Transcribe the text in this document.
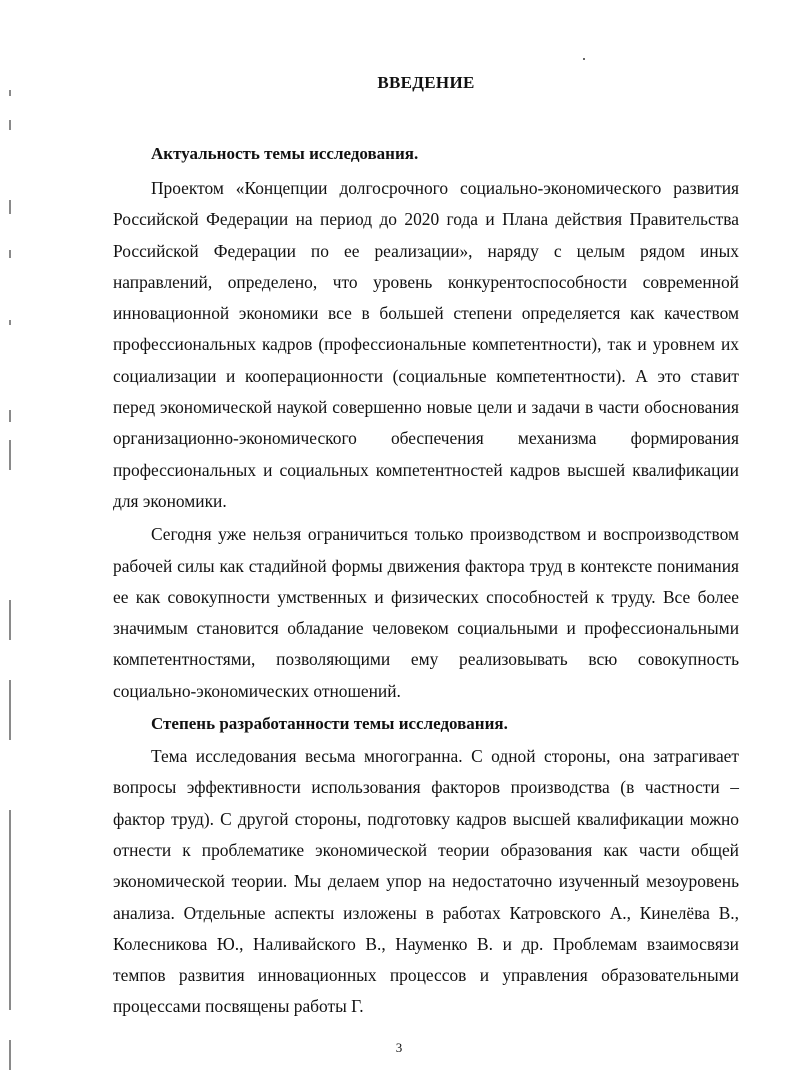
ВВЕДЕНИЕ
Актуальность темы исследования.

Проектом «Концепции долгосрочного социально-экономического развития Российской Федерации на период до 2020 года и Плана действия Правительства Российской Федерации по ее реализации», наряду с целым рядом иных направлений, определено, что уровень конкурентоспособности современной инновационной экономики все в большей степени определяется как качеством профессиональных кадров (профессиональные компетентности), так и уровнем их социализации и кооперационности (социальные компетентности). А это ставит перед экономической наукой совершенно новые цели и задачи в части обоснования организационно-экономического обеспечения механизма формирования профессиональных и социальных компетентностей кадров высшей квалификации для экономики.

Сегодня уже нельзя ограничиться только производством и воспроизводством рабочей силы как стадийной формы движения фактора труд в контексте понимания ее как совокупности умственных и физических способностей к труду. Все более значимым становится обладание человеком социальными и профессиональными компетентностями, позволяющими ему реализовывать всю совокупность социально-экономических отношений.

Степень разработанности темы исследования.

Тема исследования весьма многогранна. С одной стороны, она затрагивает вопросы эффективности использования факторов производства (в частности – фактор труд). С другой стороны, подготовку кадров высшей квалификации можно отнести к проблематике экономической теории образования как части общей экономической теории. Мы делаем упор на недостаточно изученный мезоуровень анализа. Отдельные аспекты изложены в работах Катровского А., Кинелёва В., Колесникова Ю., Наливайского В., Науменко В. и др. Проблемам взаимосвязи темпов развития инновационных процессов и управления образовательными процессами посвящены работы Г.

3
